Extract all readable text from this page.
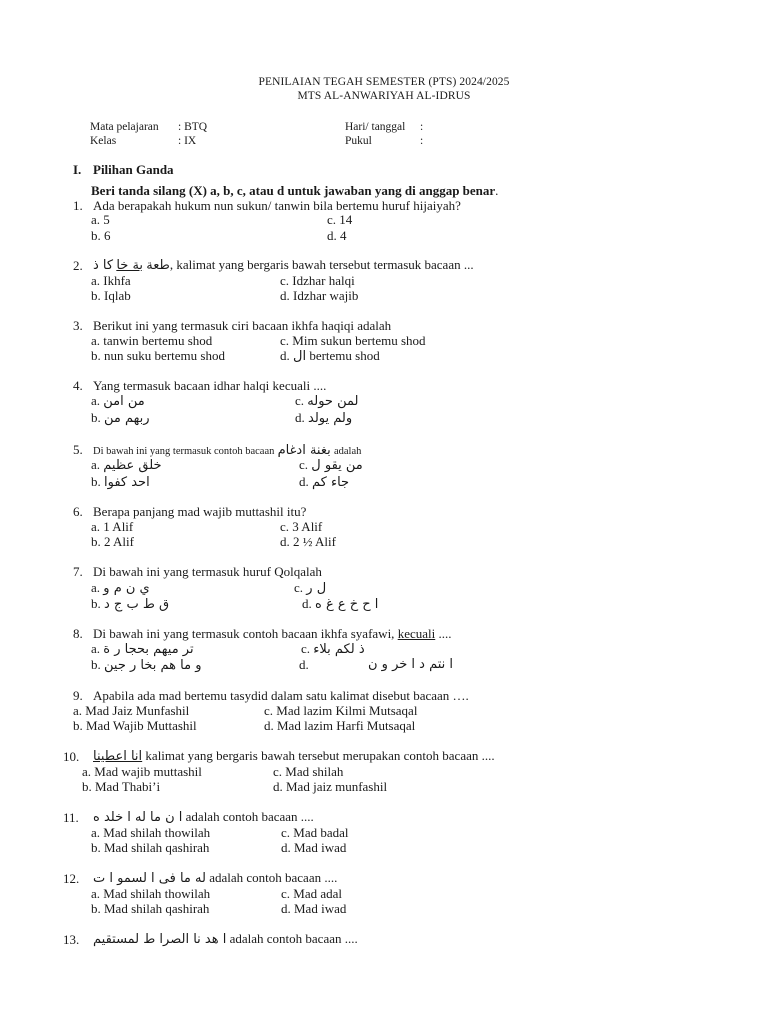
PENILAIAN TEGAH SEMESTER (PTS) 2024/2025
MTS AL-ANWARIYAH AL-IDRUS
Mata pelajaran : BTQ
Kelas	: IX
Hari/ tanggal :
Pukul	:
I. Pilihan Ganda
Beri tanda silang (X) a, b, c, atau d untuk jawaban yang di anggap benar.
1. Ada berapakah hukum nun sukun/ tanwin bila bertemu huruf hijaiyah?
a. 5
b. 6
c. 14
d. 4
2.	طعة بة خا كا ذ	, kalimat yang bergaris bawah tersebut termasuk bacaan ...
a. Ikhfa
b. Iqlab
c. Idzhar halqi
d. Idzhar wajib
3. Berikut ini yang termasuk ciri bacaan ikhfa haqiqi adalah
a. tanwin bertemu shod
b. nun suku bertemu shod
c. Mim sukun bertemu shod
d. ال bertemu shod
4. Yang termasuk bacaan idhar halqi kecuali ....
a. من امن
b. ربهم من
c. لمن حوله
d. ولم يولد
5. Di bawah ini yang termasuk contoh bacaan بغنة ادغام adalah
a. خلق عظيم
b. احد كفوا
c. من يقو ل
d. جاء كم
6. Berapa panjang mad wajib muttashil itu?
a. 1 Alif
b. 2 Alif
c. 3 Alif
d. 2 ½ Alif
7. Di bawah ini yang termasuk huruf Qolqalah
a. ي ن م و
b. ق ط ب ج د
c. ل ر
d. ا ح خ ع غ ه
8. Di bawah ini yang termasuk contoh bacaan ikhfa syafawi, kecuali ....
a. تر ميهم بحجا ر ة
b. و ما هم بخا ر جين
c. ذ لكم بلاء
d.	ا نتم د ا خر و ن
9. Apabila ada mad bertemu tasydid dalam satu kalimat disebut bacaan ….
a. Mad Jaiz Munfashil
b. Mad Wajib Muttashil
c. Mad lazim Kilmi Mutsaqal
d. Mad lazim Harfi Mutsaqal
10. انا اعطينا kalimat yang bergaris bawah tersebut merupakan contoh bacaan ....
a. Mad wajib muttashil
b. Mad Thabi’i
c. Mad shilah
d. Mad jaiz munfashil
11. ا ن ما له ا خلد ه adalah contoh bacaan ....
a. Mad shilah thowilah
b. Mad shilah qashirah
c. Mad badal
d. Mad iwad
12. له ما فى ا لسمو ا ت adalah contoh bacaan ....
a. Mad shilah thowilah
b. Mad shilah qashirah
c. Mad adal
d. Mad iwad
13. ا هد نا الصرا ط لمستقيم adalah contoh bacaan ....
